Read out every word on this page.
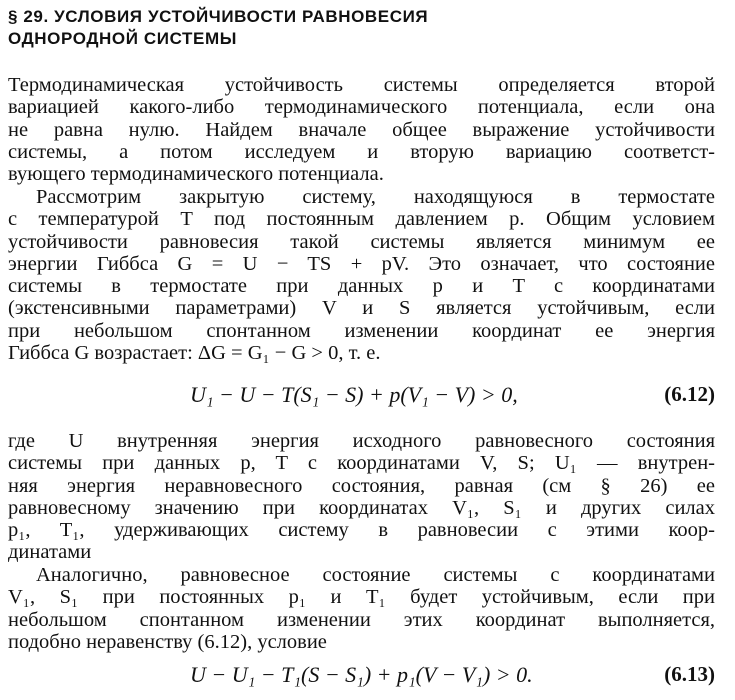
§ 29. УСЛОВИЯ УСТОЙЧИВОСТИ РАВНОВЕСИЯ
ОДНОРОДНОЙ СИСТЕМЫ
Термодинамическая устойчивость системы определяется второй
вариацией какого-либо термодинамического потенциала, если она
не равна нулю. Найдем вначале общее выражение устойчивости
системы, а потом исследуем и вторую вариацию соответст-
вующего термодинамического потенциала.
Рассмотрим закрытую систему, находящуюся в термостате
с температурой T под постоянным давлением p. Общим условием
устойчивости равновесия такой системы является минимум ее
энергии Гиббса G = U − TS + pV. Это означает, что состояние
системы в термостате при данных p и T с координатами
(экстенсивными параметрами) V и S является устойчивым, если
при небольшом спонтанном изменении координат ее энергия
Гиббса G возрастает: ΔG = G₁ − G > 0, т. е.
U₁ − U − T(S₁ − S) + p(V₁ − V) > 0,	(6.12)
где U внутренняя энергия исходного равновесного состояния
системы при данных p, T с координатами V, S; U₁ — внутрен-
няя энергия неравновесного состояния, равная (см § 26) ее
равновесному значению при координатах V₁, S₁ и других силах
p₁, T₁, удерживающих систему в равновесии с этими коор-
динатами
Аналогично, равновесное состояние системы с координатами
V₁, S₁ при постоянных p₁ и T₁ будет устойчивым, если при
небольшом спонтанном изменении этих координат выполняется,
подобно неравенству (6.12), условие
U − U₁ − T₁(S − S₁) + p₁(V − V₁) > 0.	(6.13)
